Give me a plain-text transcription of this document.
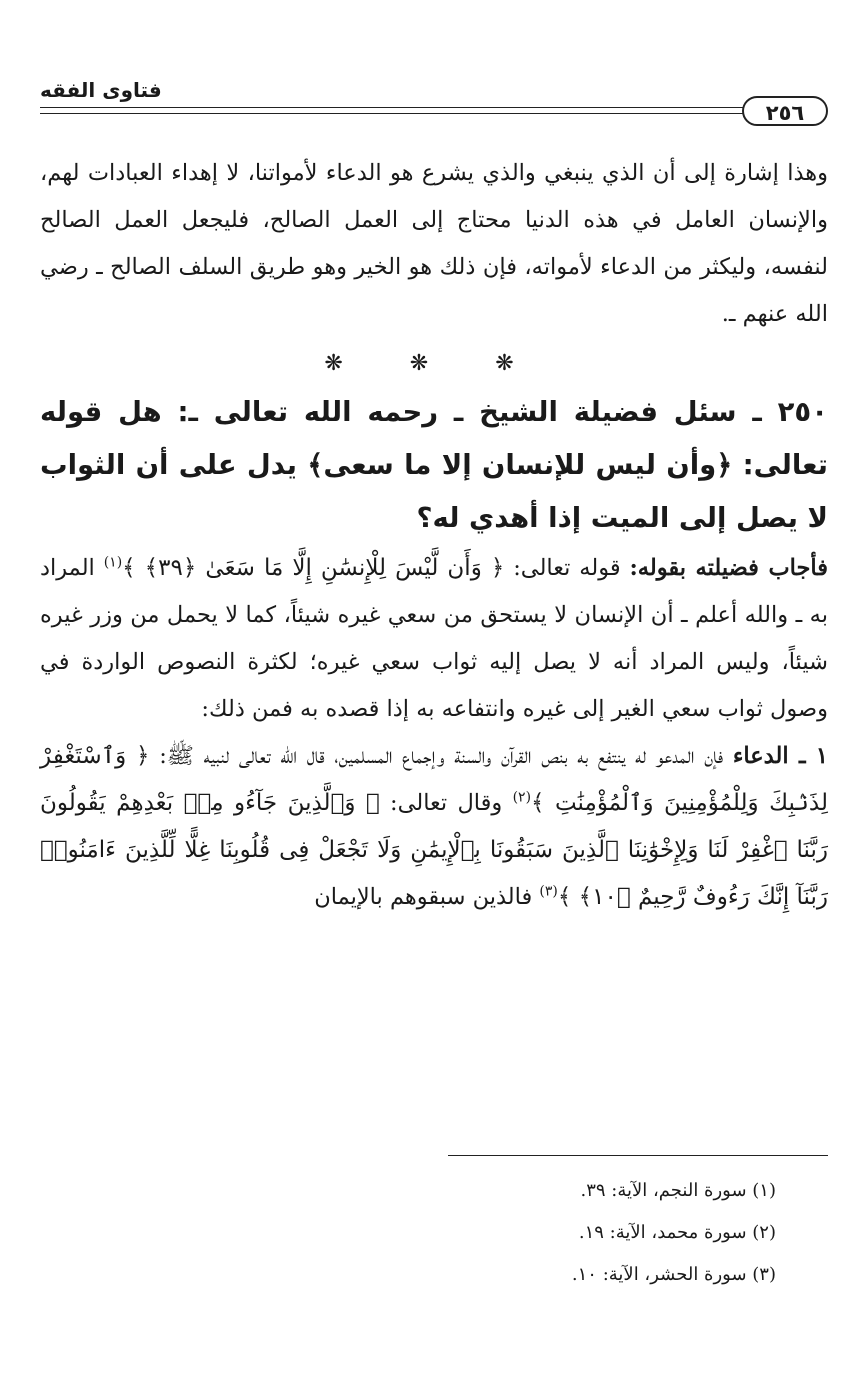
فتاوى الفقه
٢٥٦

وهذا إشارة إلى أن الذي ينبغي والذي يشرع هو الدعاء لأمواتنا، لا إهداء العبادات لهم، والإنسان العامل في هذه الدنيا محتاج إلى العمل الصالح، فليجعل العمل الصالح لنفسه، وليكثر من الدعاء لأمواته، فإن ذلك هو الخير وهو طريق السلف الصالح ـ رضي الله عنهم ـ.

❋ ❋ ❋

٢٥٠ ـ سئل فضيلة الشيخ ـ رحمه الله تعالى ـ: هل قوله تعالى: ﴿وأن ليس للإنسان إلا ما سعى﴾ يدل على أن الثواب لا يصل إلى الميت إذا أهدي له؟

فأجاب فضيلته بقوله: قوله تعالى: ﴿ وَأَن لَّيْسَ لِلْإِنسَٰنِ إِلَّا مَا سَعَىٰ ﴿٣٩﴾ ﴾$^{(١)}$ المراد به ـ والله أعلم ـ أن الإنسان لا يستحق من سعي غيره شيئاً، كما لا يحمل من وزر غيره شيئاً، وليس المراد أنه لا يصل إليه ثواب سعي غيره؛ لكثرة النصوص الواردة في وصول ثواب سعي الغير إلى غيره وانتفاعه به إذا قصده به فمن ذلك:

١ ـ الدعاء فإن المدعو له ينتفع به بنص القرآن والسنة وإجماع المسلمين، قال الله تعالى لنبيه ﷺ: ﴿ وَٱسْتَغْفِرْ لِذَنۢبِكَ وَلِلْمُؤْمِنِينَ وَٱلْمُؤْمِنَٰتِ ﴾$^{(٢)}$ وقال تعالى: ﴿ وَٱلَّذِينَ جَآءُو مِنۢ بَعْدِهِمْ يَقُولُونَ رَبَّنَا ٱغْفِرْ لَنَا وَلِإِخْوَٰنِنَا ٱلَّذِينَ سَبَقُونَا بِٱلْإِيمَٰنِ وَلَا تَجْعَلْ فِى قُلُوبِنَا غِلًّا لِّلَّذِينَ ءَامَنُوا۟ رَبَّنَآ إِنَّكَ رَءُوفٌ رَّحِيمٌ ﴿١٠﴾ ﴾$^{(٣)}$ فالذين سبقوهم بالإيمان

(١) سورة النجم، الآية: ٣٩.
(٢) سورة محمد، الآية: ١٩.
(٣) سورة الحشر، الآية: ١٠.
